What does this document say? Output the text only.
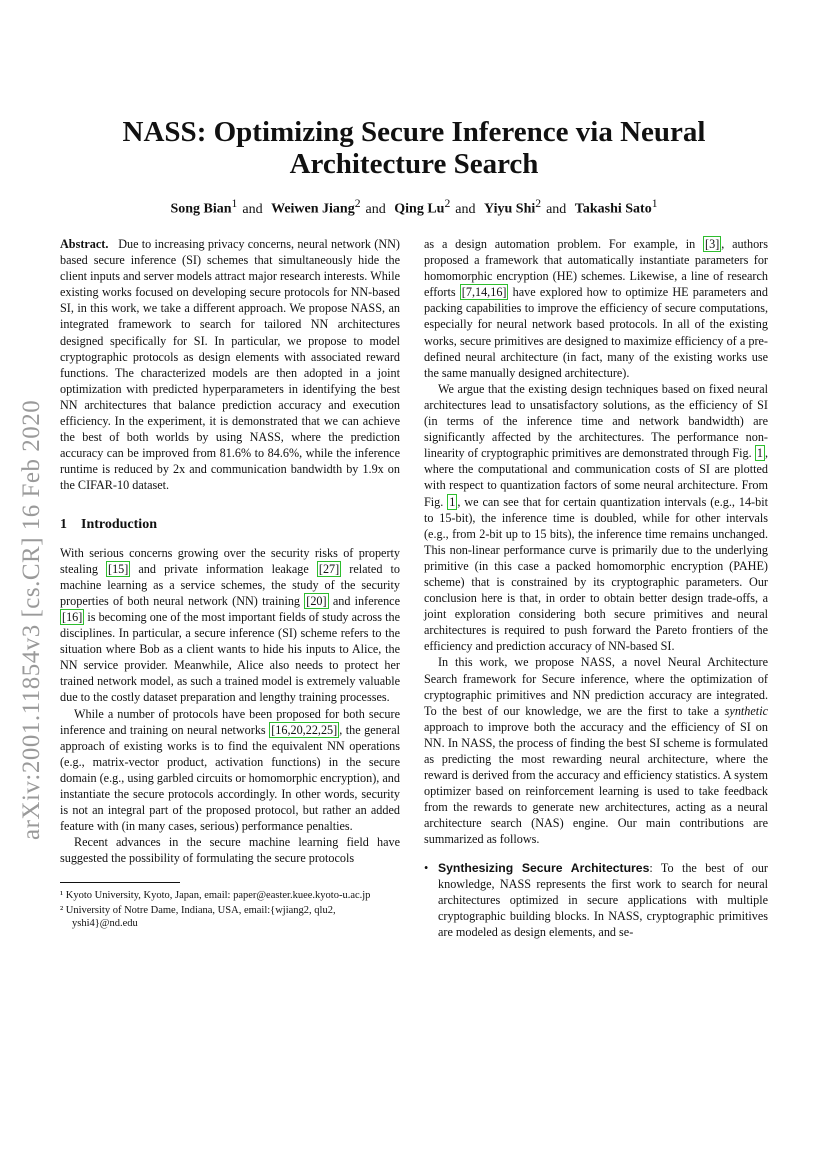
arXiv:2001.11854v3 [cs.CR] 16 Feb 2020
NASS: Optimizing Secure Inference via Neural Architecture Search
Song Bian$^1$ and Weiwen Jiang$^2$ and Qing Lu$^2$ and Yiyu Shi$^2$ and Takashi Sato$^1$

Abstract. Due to increasing privacy concerns, neural network (NN) based secure inference (SI) schemes that simultaneously hide the client inputs and server models attract major research interests. While existing works focused on developing secure protocols for NN-based SI, in this work, we take a different approach. We propose NASS, an integrated framework to search for tailored NN architectures designed specifically for SI. In particular, we propose to model cryptographic protocols as design elements with associated reward functions. The characterized models are then adopted in a joint optimization with predicted hyperparameters in identifying the best NN architectures that balance prediction accuracy and execution efficiency. In the experiment, it is demonstrated that we can achieve the best of both worlds by using NASS, where the prediction accuracy can be improved from 81.6% to 84.6%, while the inference runtime is reduced by 2x and communication bandwidth by 1.9x on the CIFAR-10 dataset.

1 Introduction

With serious concerns growing over the security risks of property stealing [15] and private information leakage [27] related to machine learning as a service schemes, the study of the security properties of both neural network (NN) training [20] and inference [16] is becoming one of the most important fields of study across the disciplines. In particular, a secure inference (SI) scheme refers to the situation where Bob as a client wants to hide his inputs to Alice, the NN service provider. Meanwhile, Alice also needs to protect her trained network model, as such a trained model is extremely valuable due to the costly dataset preparation and lengthy training processes.

While a number of protocols have been proposed for both secure inference and training on neural networks [16,20,22,25] , the general approach of existing works is to find the equivalent NN operations (e.g., matrix-vector product, activation functions) in the secure domain (e.g., using garbled circuits or homomorphic encryption), and instantiate the secure protocols accordingly. In other words, security is not an integral part of the proposed protocol, but rather an added feature with (in many cases, serious) performance penalties.

Recent advances in the secure machine learning field have suggested the possibility of formulating the secure protocols

¹ Kyoto University, Kyoto, Japan, email: paper@easter.kuee.kyoto-u.ac.jp

² University of Notre Dame, Indiana, USA, email:{wjiang2, qlu2, yshi4}@nd.edu

as a design automation problem. For example, in [3] , authors proposed a framework that automatically instantiate parameters for homomorphic encryption (HE) schemes. Likewise, a line of research efforts [7,14,16] have explored how to optimize HE parameters and packing capabilities to improve the efficiency of secure computations, especially for neural network based protocols. In all of the existing works, secure primitives are designed to maximize efficiency of a pre-defined neural architecture (in fact, many of the existing works use the same manually designed architecture).

We argue that the existing design techniques based on fixed neural architectures lead to unsatisfactory solutions, as the efficiency of SI (in terms of the inference time and network bandwidth) are significantly affected by the architectures. The performance non-linearity of cryptographic primitives are demonstrated through Fig. 1 , where the computational and communication costs of SI are plotted with respect to quantization factors of some neural architecture. From Fig. 1 , we can see that for certain quantization intervals (e.g., 14-bit to 15-bit), the inference time is doubled, while for other intervals (e.g., from 2-bit up to 15 bits), the inference time remains unchanged. This non-linear performance curve is primarily due to the underlying primitive (in this case a packed homomorphic encryption (PAHE) scheme) that is constrained by its cryptographic parameters. Our conclusion here is that, in order to obtain better design trade-offs, a joint exploration considering both secure primitives and neural architectures is required to push forward the Pareto frontiers of the efficiency and prediction accuracy of NN-based SI.

In this work, we propose NASS, a novel Neural Architecture Search framework for Secure inference, where the optimization of cryptographic primitives and NN prediction accuracy are integrated. To the best of our knowledge, we are the first to take a synthetic approach to improve both the accuracy and the efficiency of SI on NN. In NASS, the process of finding the best SI scheme is formulated as predicting the most rewarding neural architecture, where the reward is derived from the accuracy and efficiency statistics. A system optimizer based on reinforcement learning is used to take feedback from the rewards to generate new architectures, acting as a neural architecture search (NAS) engine. Our main contributions are summarized as follows.

• Synthesizing Secure Architectures: To the best of our knowledge, NASS represents the first work to search for neural architectures optimized in secure applications with multiple cryptographic building blocks. In NASS, cryptographic primitives are modeled as design elements, and se-
